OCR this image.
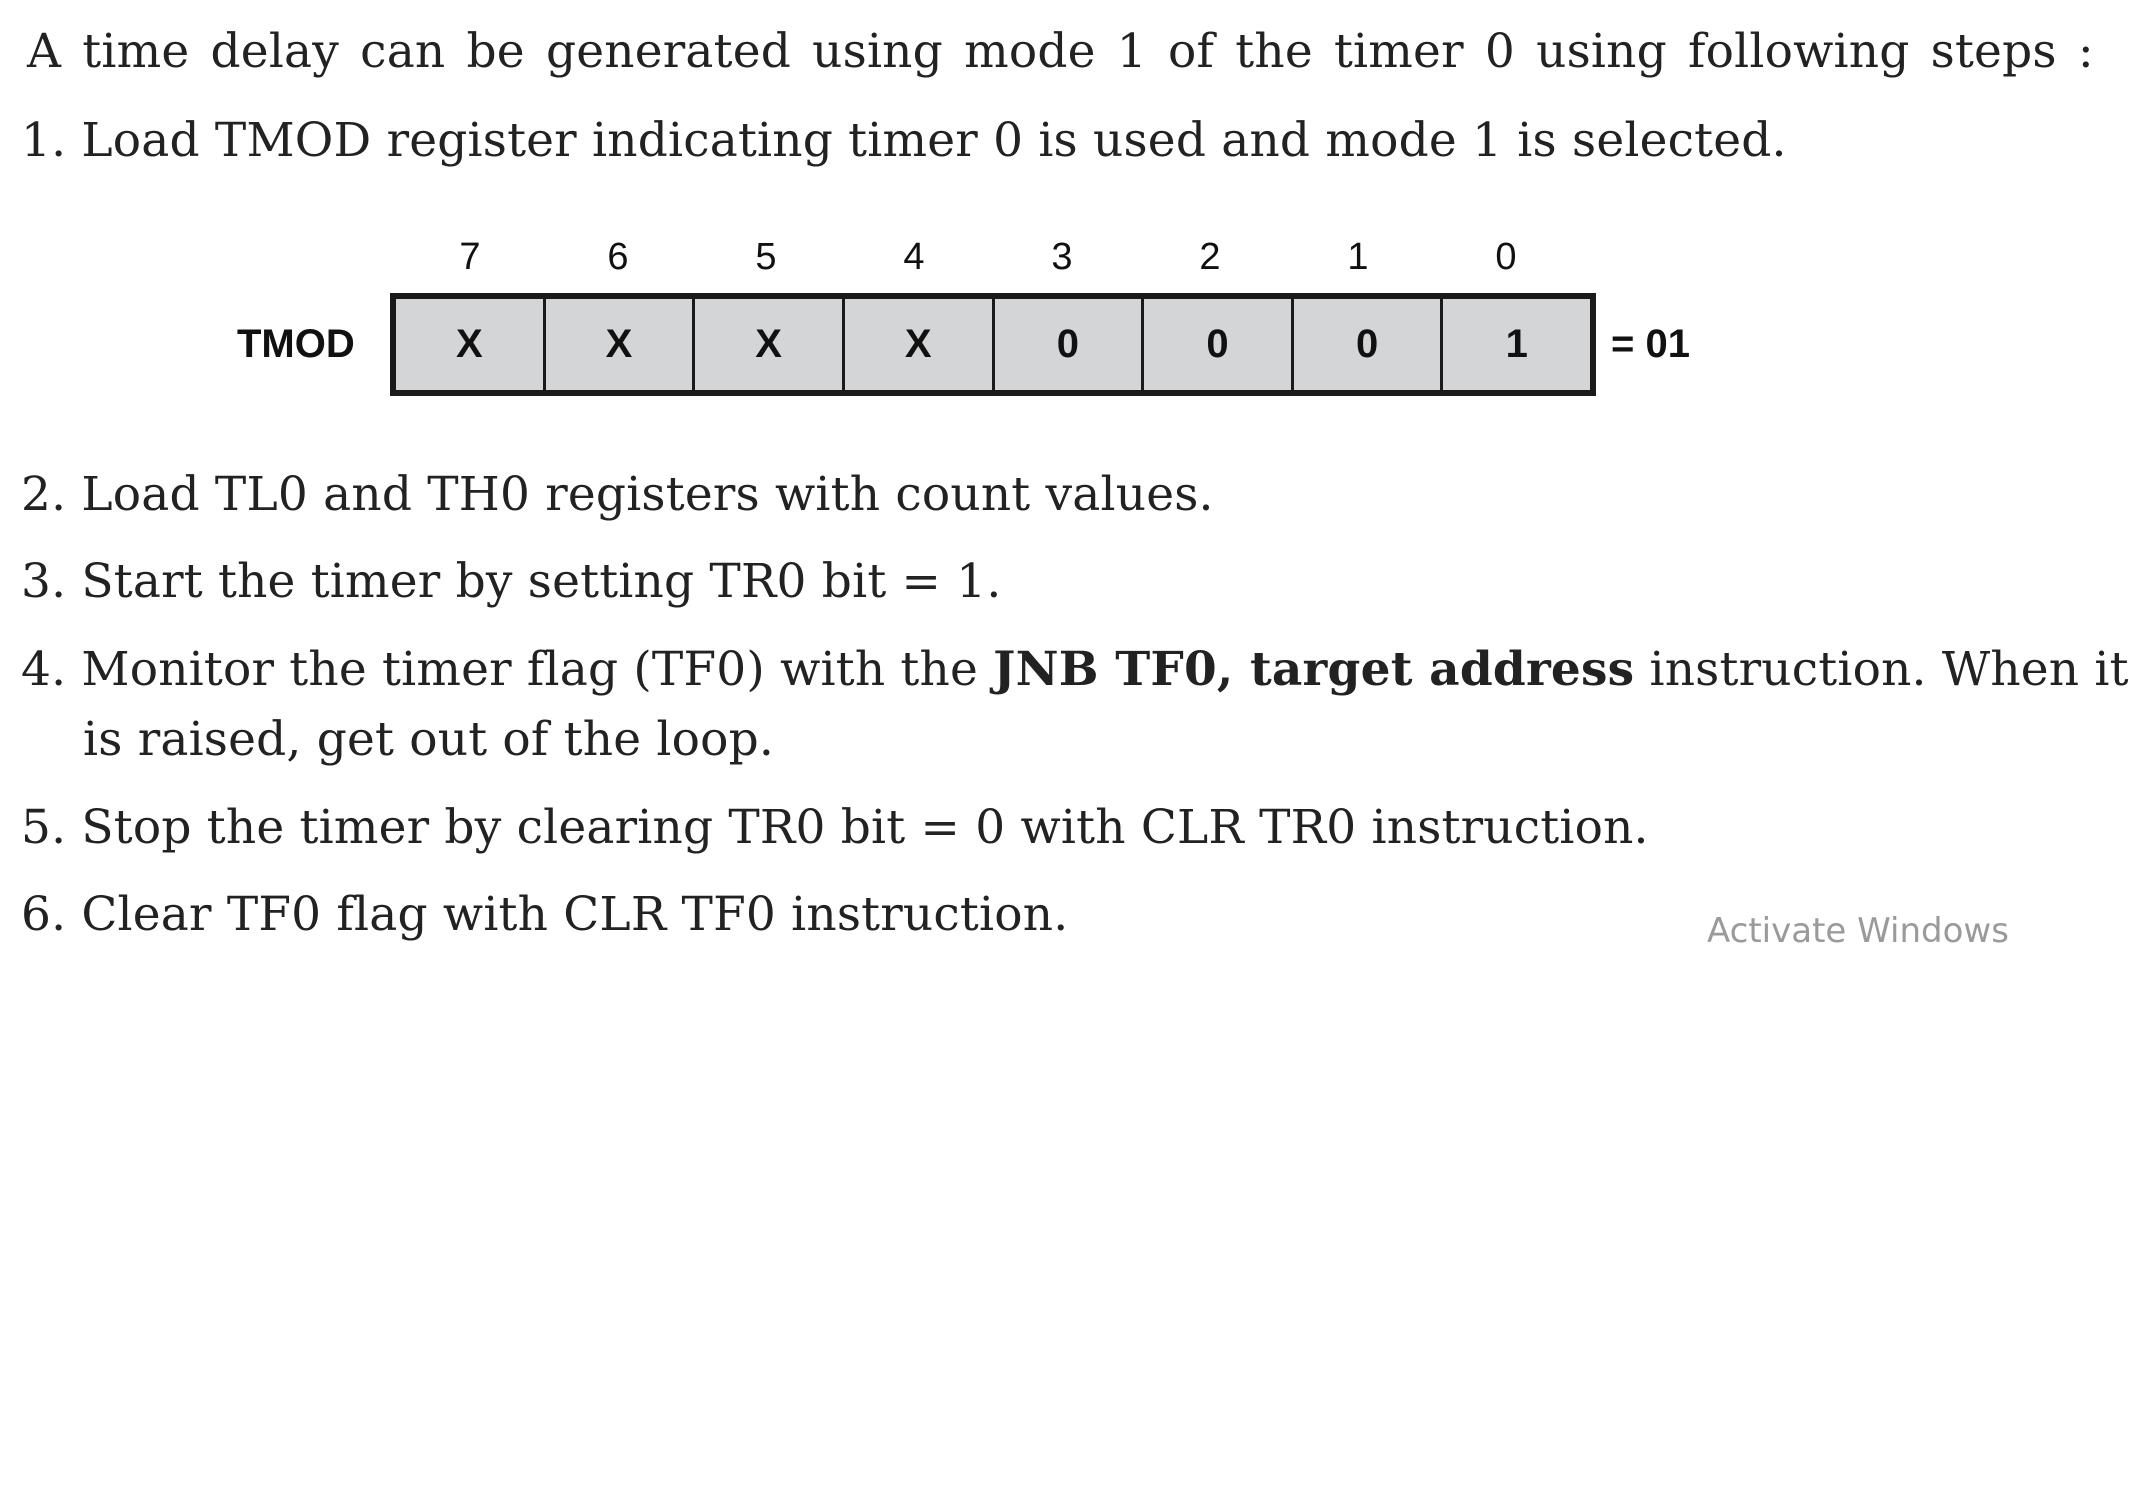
A time delay can be generated using mode 1 of the timer 0 using following steps :
1. Load TMOD register indicating timer 0 is used and mode 1 is selected.
7	6	5	4	3	2	1	0
TMOD	X	X	X	X	0	0	0	1	= 01
2. Load TL0 and TH0 registers with count values.
3. Start the timer by setting TR0 bit = 1.
4. Monitor the timer flag (TF0) with the JNB TF0, target address instruction. When it
is raised, get out of the loop.
5. Stop the timer by clearing TR0 bit = 0 with CLR TR0 instruction.
6. Clear TF0 flag with CLR TF0 instruction.	Activate Windows
